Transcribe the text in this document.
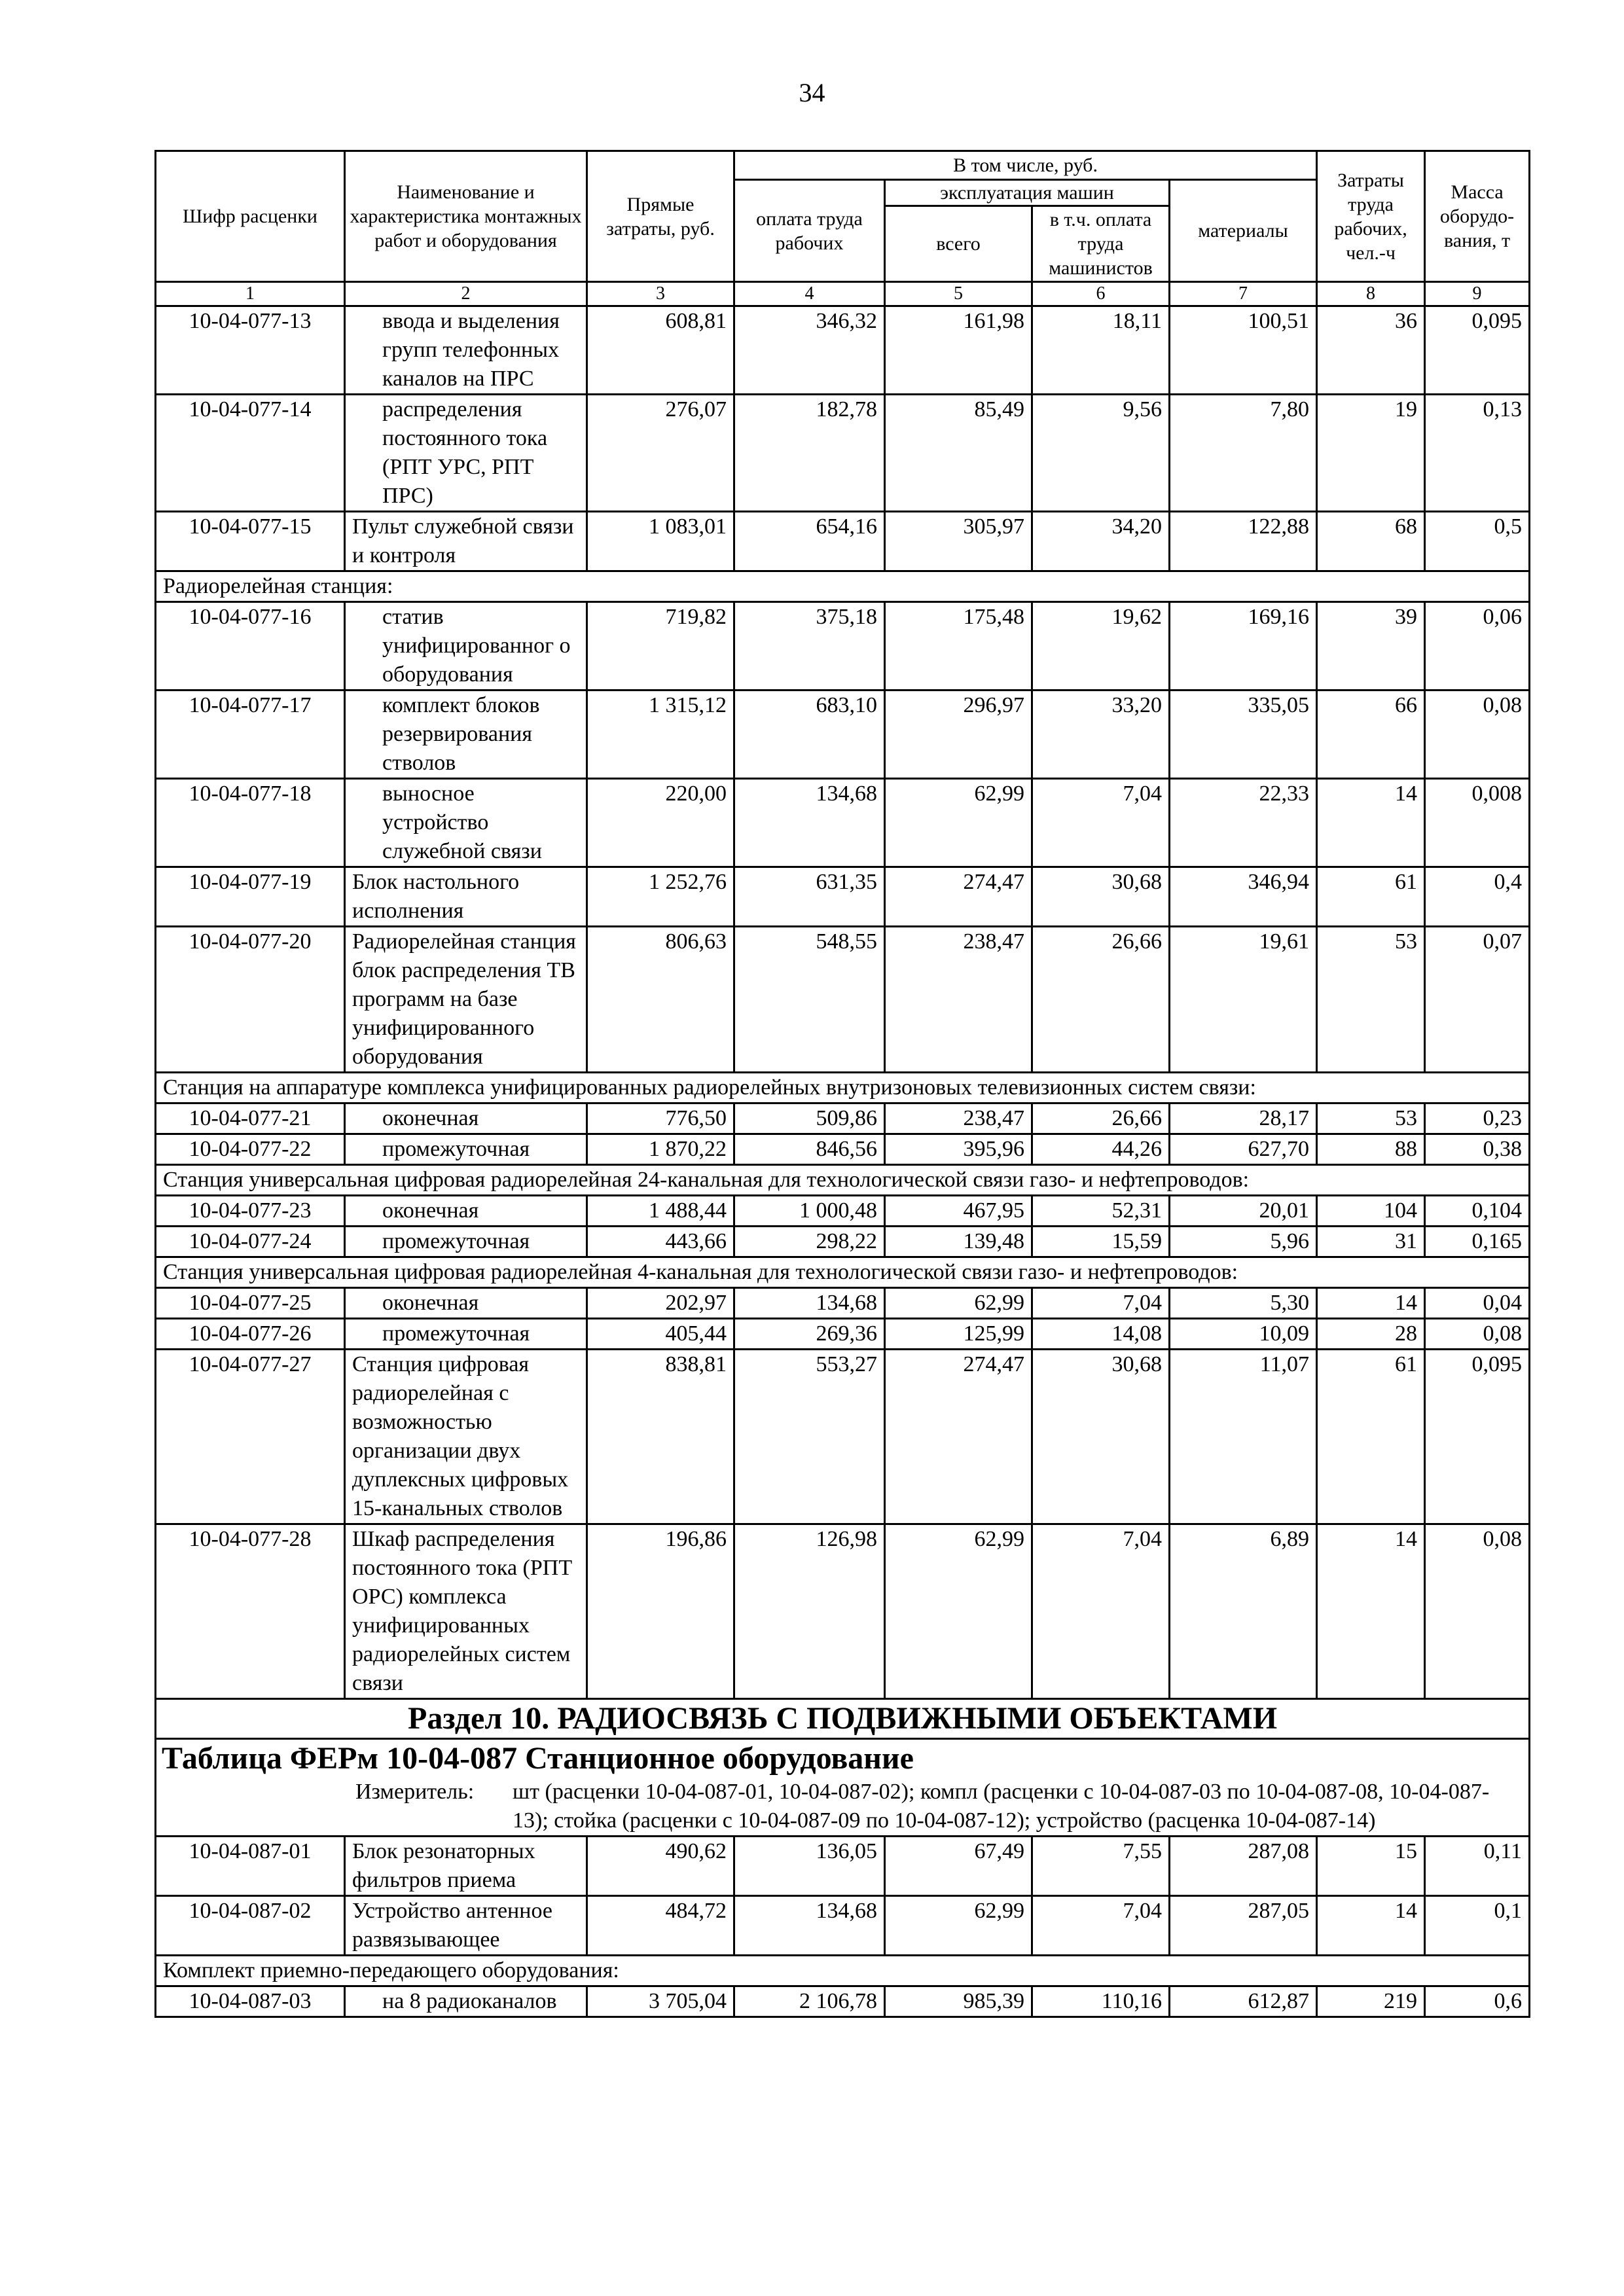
34
Шифр расценки	Наименование и характеристика монтажных работ и оборудования	Прямые затраты, руб.	В том числе, руб.				Затраты труда рабочих, чел.-ч	Масса оборудо-вания, т
			оплата труда рабочих	эксплуатация машин		материалы		
				всего	в т.ч. оплата труда машинистов			
1	2	3	4	5	6	7	8	9
10-04-077-13	ввода и выделения групп телефонных каналов на ПРС	608,81	346,32	161,98	18,11	100,51	36	0,095
10-04-077-14	распределения постоянного тока (РПТ УРС, РПТ ПРС)	276,07	182,78	85,49	9,56	7,80	19	0,13
10-04-077-15	Пульт служебной связи и контроля	1 083,01	654,16	305,97	34,20	122,88	68	0,5
Радиорелейная станция:								
10-04-077-16	статив унифицированног о оборудования	719,82	375,18	175,48	19,62	169,16	39	0,06
10-04-077-17	комплект блоков резервирования стволов	1 315,12	683,10	296,97	33,20	335,05	66	0,08
10-04-077-18	выносное устройство служебной связи	220,00	134,68	62,99	7,04	22,33	14	0,008
10-04-077-19	Блок настольного исполнения	1 252,76	631,35	274,47	30,68	346,94	61	0,4
10-04-077-20	Радиорелейная станция блок распределения ТВ программ на базе унифицированного оборудования	806,63	548,55	238,47	26,66	19,61	53	0,07
Станция на аппаратуре комплекса унифицированных радиорелейных внутризоновых телевизионных систем связи:								
10-04-077-21	оконечная	776,50	509,86	238,47	26,66	28,17	53	0,23
10-04-077-22	промежуточная	1 870,22	846,56	395,96	44,26	627,70	88	0,38
Станция универсальная цифровая радиорелейная 24-канальная для технологической связи газо- и нефтепроводов:								
10-04-077-23	оконечная	1 488,44	1 000,48	467,95	52,31	20,01	104	0,104
10-04-077-24	промежуточная	443,66	298,22	139,48	15,59	5,96	31	0,165
Станция универсальная цифровая радиорелейная 4-канальная для технологической связи газо- и нефтепроводов:								
10-04-077-25	оконечная	202,97	134,68	62,99	7,04	5,30	14	0,04
10-04-077-26	промежуточная	405,44	269,36	125,99	14,08	10,09	28	0,08
10-04-077-27	Станция цифровая радиорелейная с возможностью организации двух дуплексных цифровых 15-канальных стволов	838,81	553,27	274,47	30,68	11,07	61	0,095
10-04-077-28	Шкаф распределения постоянного тока (РПТ ОРС) комплекса унифицированных радиорелейных систем связи	196,86	126,98	62,99	7,04	6,89	14	0,08
Раздел 10. РАДИОСВЯЗЬ С ПОДВИЖНЫМИ ОБЪЕКТАМИ								

Таблица ФЕРм 10-04-087 Станционное оборудование
Измеритель: шт (расценки 10-04-087-01, 10-04-087-02); компл (расценки с 10-04-087-03 по 10-04-087-08, 10-04-087-13); стойка (расценки с 10-04-087-09 по 10-04-087-12); устройство (расценка 10-04-087-14)								

10-04-087-01	Блок резонаторных фильтров приема	490,62	136,05	67,49	7,55	287,08	15	0,11
10-04-087-02	Устройство антенное развязывающее	484,72	134,68	62,99	7,04	287,05	14	0,1
Комплект приемно-передающего оборудования:								
10-04-087-03	на 8 радиоканалов	3 705,04	2 106,78	985,39	110,16	612,87	219	0,6
